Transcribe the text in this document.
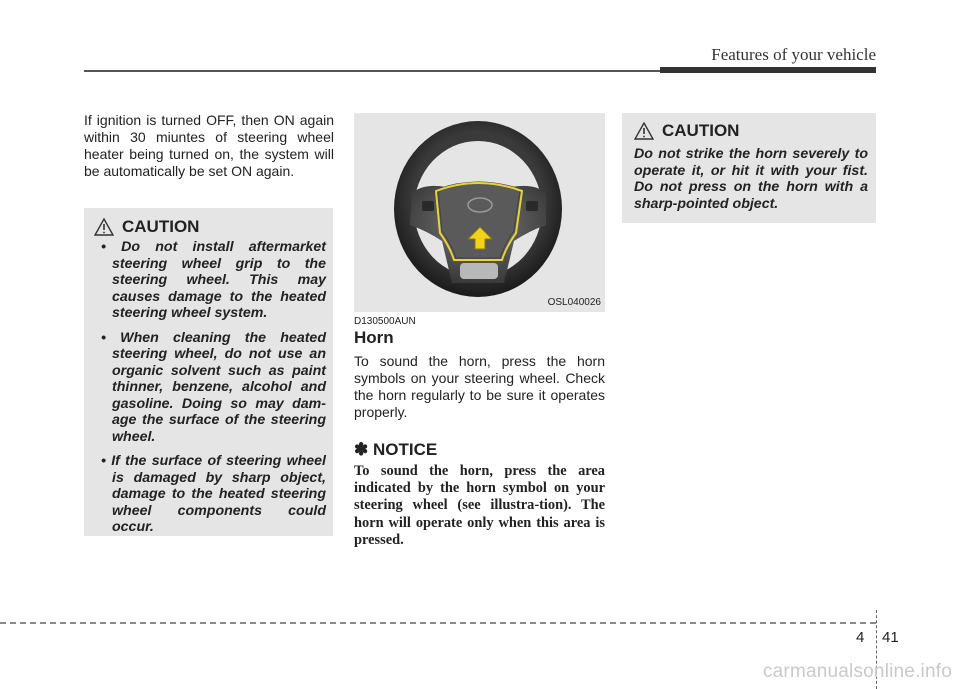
Features of your vehicle
If ignition is turned OFF, then ON again within 30 miuntes of steering wheel heater being turned on, the system will be automatically be set ON again.
CAUTION
• Do not install aftermarket steering wheel grip to the steering wheel. This may causes damage to the heated steering wheel system.
• When cleaning the heated steering wheel, do not use an organic solvent such as paint thinner, benzene, alcohol and gasoline. Doing so may dam-age the surface of the steering wheel.
• If the surface of steering wheel is damaged by sharp object, damage to the heated steering wheel components could occur.
OSL040026
D130500AUN
Horn
To sound the horn, press the horn symbols on your steering wheel. Check the horn regularly to be sure it operates properly.
✽ NOTICE
To sound the horn, press the area indicated by the horn symbol on your steering wheel (see illustra-tion). The horn will operate only when this area is pressed.
CAUTION
Do not strike the horn severely to operate it, or hit it with your fist. Do not press on the horn with a sharp-pointed object.
4 41
carmanualsonline.info
